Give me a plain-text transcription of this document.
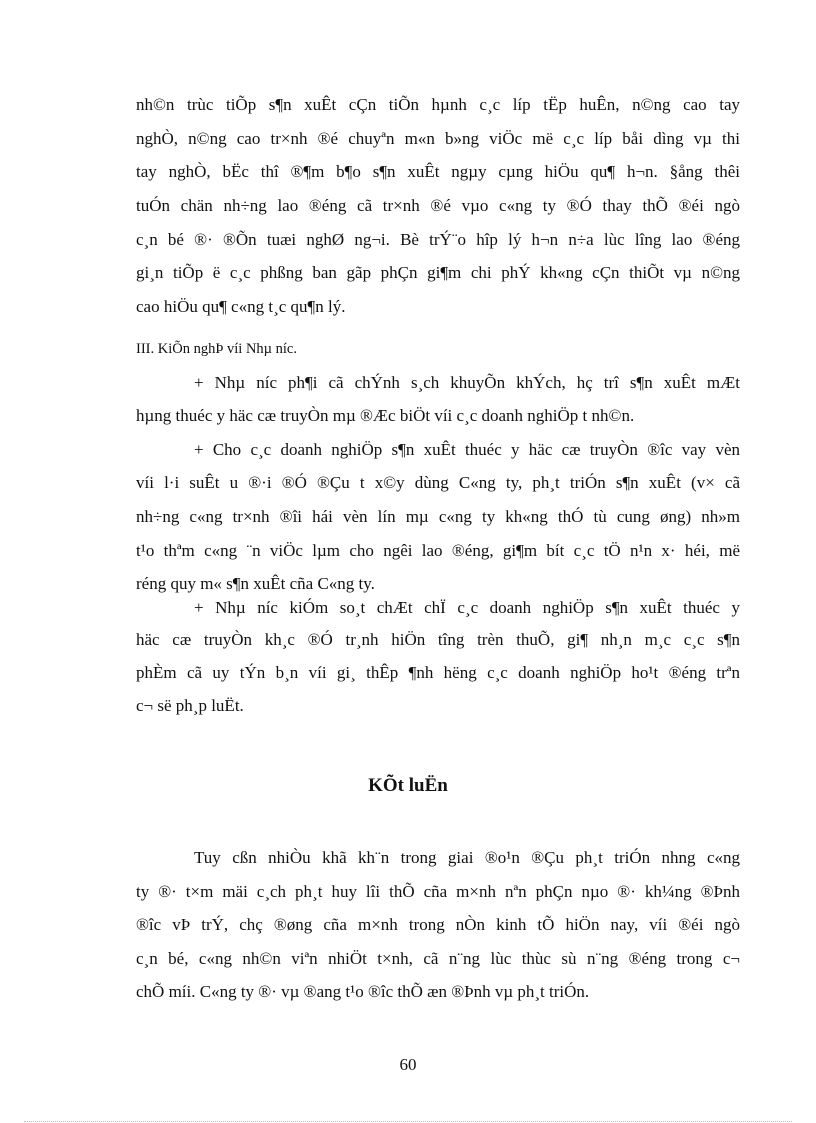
nh©n trùc tiÕp s¶n xuÊt cÇn tiÕn hµnh c¸c líp tËp huÊn, n©ng cao tay
nghÒ, n©ng cao tr×nh ®é chuyªn m«n b»ng viÖc më c¸c líp båi dìng vµ thi
tay nghÒ, bËc thî ®¶m b¶o s¶n xuÊt ngµy cµng hiÖu qu¶ h¬n. §ång thêi
tuÓn chän nh÷ng lao ®éng cã tr×nh ®é vµo c«ng ty ®Ó thay thÕ ®éi ngò
c¸n bé ®· ®Õn tuæi nghØ ng¬i. Bè trÝ¨o hîp lý h¬n n÷a lùc lîng lao ®éng
gi¸n tiÕp ë c¸c phßng ban gãp phÇn gi¶m chi phÝ kh«ng cÇn thiÕt vµ n©ng
cao hiÖu qu¶ c«ng t¸c qu¶n lý.
III. KiÕn nghÞ víi Nhµ níc.
+ Nhµ níc ph¶i cã chÝnh s¸ch khuyÕn khÝch, hç trî s¶n xuÊt mÆt
hµng thuéc y häc cæ truyÒn mµ ®Æc biÖt víi c¸c doanh nghiÖp t nh©n.
+ Cho c¸c doanh nghiÖp s¶n xuÊt thuéc y häc cæ truyÒn ®îc vay vèn
víi l·i suÊt u ®·i ®Ó ®Çu t x©y dùng C«ng ty, ph¸t triÓn s¶n xuÊt (v× cã
nh÷ng c«ng tr×nh ®îi hái vèn lín mµ c«ng ty kh«ng thÓ tù cung øng) nh»m
t¹o thªm c«ng ¨n viÖc lµm cho ngêi lao ®éng, gi¶m bít c¸c tÖ n¹n x· héi, më
réng quy m« s¶n xuÊt cña C«ng ty.
+ Nhµ níc kiÓm so¸t chÆt chÏ c¸c doanh nghiÖp s¶n xuÊt thuéc y
häc cæ truyÒn kh¸c ®Ó tr¸nh hiÖn tîng trèn thuÕ, gi¶ nh¸n m¸c c¸c s¶n
phÈm cã uy tÝn b¸n víi gi¸ thÊp ¶nh hëng c¸c doanh nghiÖp ho¹t ®éng trªn
c¬ së ph¸p luËt.
KÕt luËn
Tuy cßn nhiÒu khã kh¨n trong giai ®o¹n ®Çu ph¸t triÓn nhng c«ng
ty ®· t×m mäi c¸ch ph¸t huy lîi thÕ cña m×nh nªn phÇn nµo ®· kh¼ng ®Þnh
®îc vÞ trÝ, chç ®øng cña m×nh trong nÒn kinh tÕ hiÖn nay, víi ®éi ngò
c¸n bé, c«ng nh©n viªn nhiÖt t×nh, cã n¨ng lùc thùc sù n¨ng ®éng trong c¬
chÕ míi. C«ng ty ®· vµ ®ang t¹o ®îc thÕ æn ®Þnh vµ ph¸t triÓn.
60
